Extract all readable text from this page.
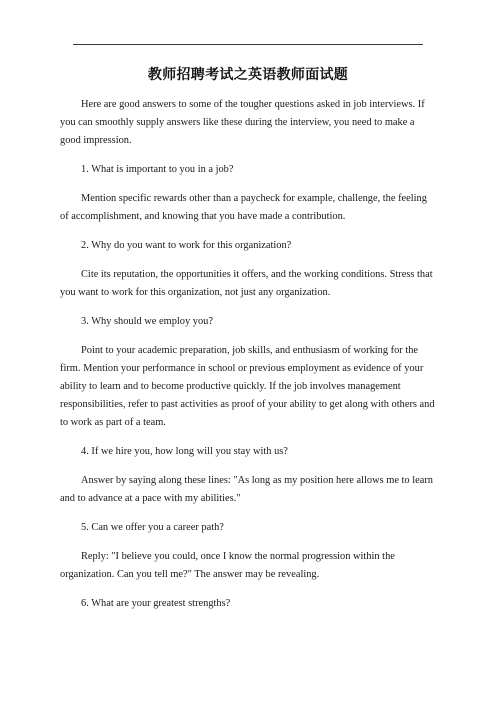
教师招聘考试之英语教师面试题

Here are good answers to some of the tougher questions asked in job interviews. If you can smoothly supply answers like these during the interview, you need to make a good impression.

1. What is important to you in a job?

Mention specific rewards other than a paycheck for example, challenge, the feeling of accomplishment, and knowing that you have made a contribution.

2. Why do you want to work for this organization?

Cite its reputation, the opportunities it offers, and the working conditions. Stress that you want to work for this organization, not just any organization.

3. Why should we employ you?

Point to your academic preparation, job skills, and enthusiasm of working for the firm. Mention your performance in school or previous employment as evidence of your ability to learn and to become productive quickly. If the job involves management responsibilities, refer to past activities as proof of your ability to get along with others and to work as part of a team.

4. If we hire you, how long will you stay with us?

Answer by saying along these lines: "As long as my position here allows me to learn and to advance at a pace with my abilities."

5. Can we offer you a career path?

Reply: "I believe you could, once I know the normal progression within the organization. Can you tell me?" The answer may be revealing.

6. What are your greatest strengths?
